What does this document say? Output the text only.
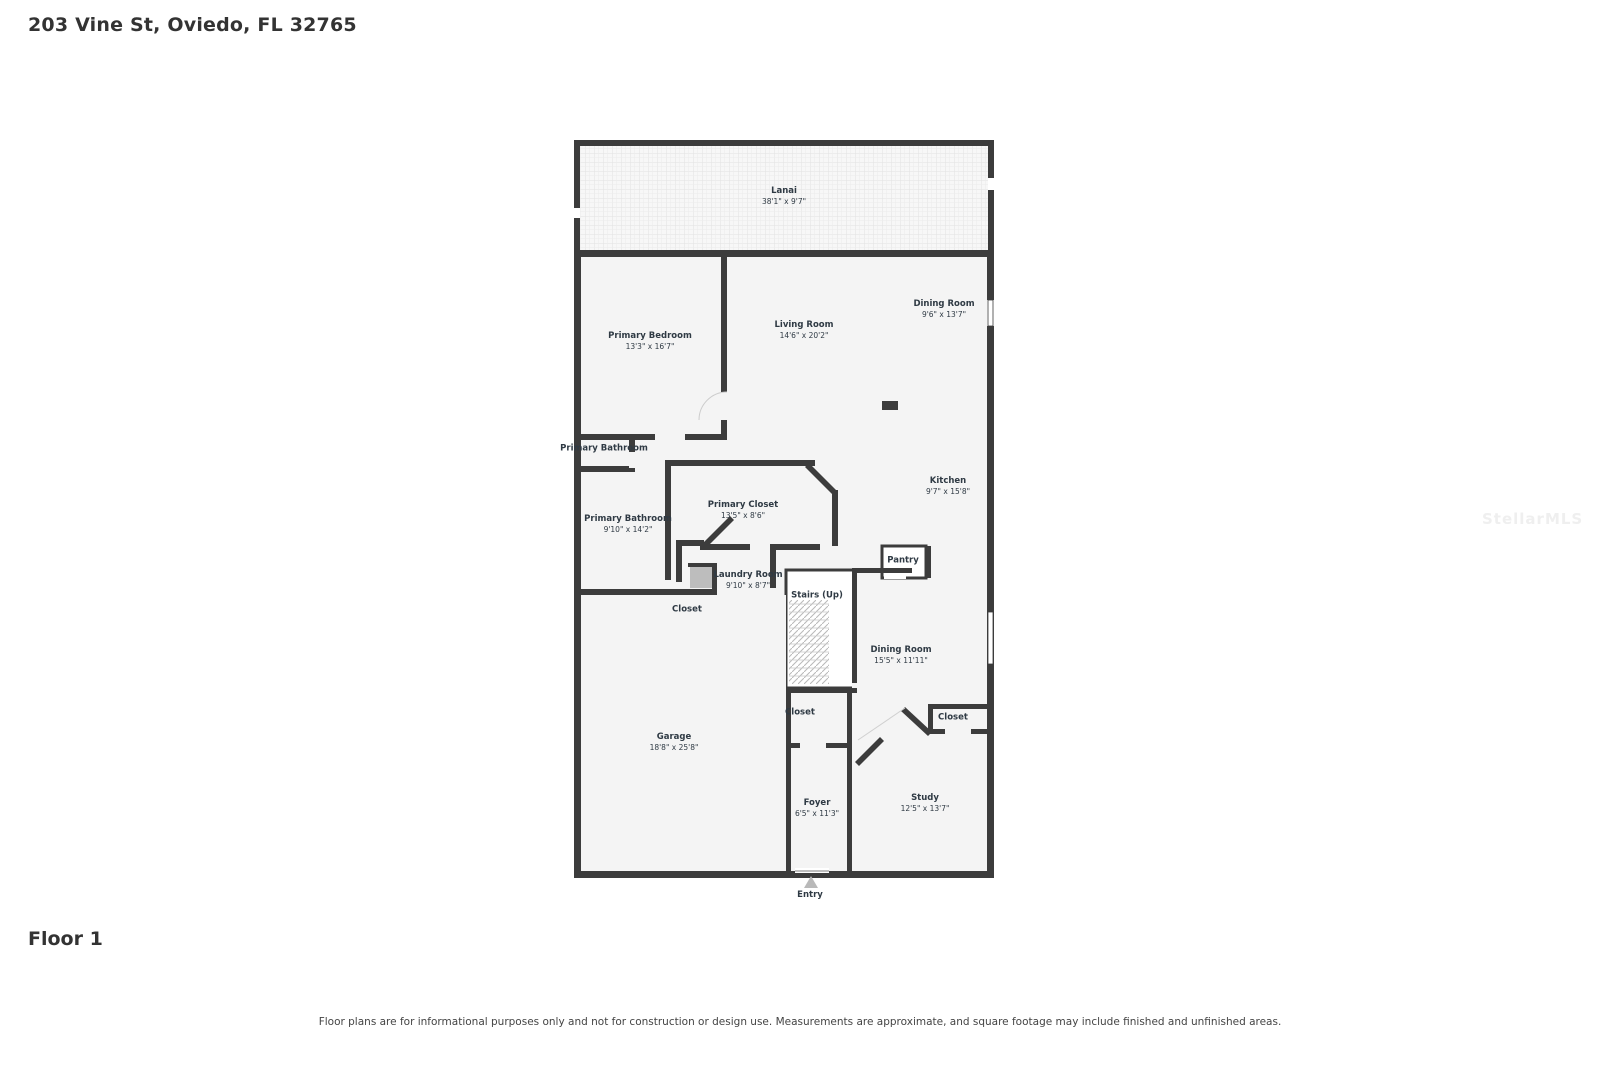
203 Vine St, Oviedo, FL 32765
Entry
Lanai
38'1" x 9'7"
Primary Bedroom
13'3" x 16'7"
Living Room
14'6" x 20'2"
Dining Room
9'6" x 13'7"
Primary Bathroom
Primary Bathroom
9'10" x 14'2"
Primary Closet
13'5" x 8'6"
Kitchen
9'7" x 15'8"
Pantry
Laundry Room
9'10" x 8'7"
Stairs (Up)
Closet
Dining Room
15'5" x 11'11"
Closet	Closet
Garage
18'8" x 25'8"
Study
12'5" x 13'7"
Foyer
6'5" x 11'3"
StellarMLS
Floor 1
Floor plans are for informational purposes only and not for construction or design use. Measurements are approximate, and square footage may include finished and unfinished areas.
